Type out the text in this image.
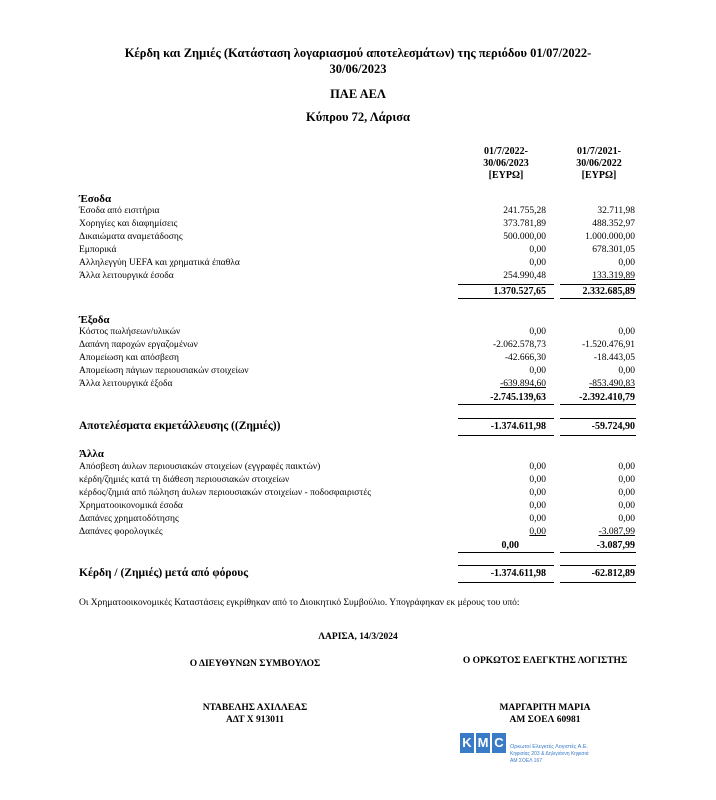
Κέρδη και Ζημιές (Κατάσταση λογαριασμού αποτελεσμάτων) της περιόδου 01/07/2022-
30/06/2023
ΠΑΕ ΑΕΛ
Κύπρου 72, Λάρισα
01/7/2022-
30/06/2023
[ΕΥΡΩ]
01/7/2021-
30/06/2022
[ΕΥΡΩ]
Έσοδα
Έσοδα από εισιτήρια	241.755,28	32.711,98
Χορηγίες και διαφημίσεις	373.781,89	488.352,97
Δικαιώματα αναμετάδοσης	500.000,00	1.000.000,00
Εμπορικά	0,00	678.301,05
Αλληλεγγύη UEFA και χρηματικά έπαθλα	0,00	0,00
Άλλα λειτουργικά έσοδα	254.990,48	133.319,89
1.370.527,65	2.332.685,89
Έξοδα
Κόστος πωλήσεων/υλικών	0,00	0,00
Δαπάνη παροχών εργαζομένων	-2.062.578,73	-1.520.476,91
Απομείωση και απόσβεση	-42.666,30	-18.443,05
Απομείωση πάγιων περιουσιακών στοιχείων	0,00	0,00
Άλλα λειτουργικά έξοδα	-639.894,60	-853.490,83
-2.745.139,63	-2.392.410,79
Αποτελέσματα εκμετάλλευσης ((Ζημιές))	-1.374.611,98	-59.724,90
Άλλα
Απόσβεση άυλων περιουσιακών στοιχείων (εγγραφές παικτών)	0,00	0,00
κέρδη/ζημιές κατά τη διάθεση περιουσιακών στοιχείων	0,00	0,00
κέρδος/ζημιά από πώληση άυλων περιουσιακών στοιχείων - ποδοσφαιριστές	0,00	0,00
Χρηματοοικονομικά έσοδα	0,00	0,00
Δαπάνες χρηματοδότησης	0,00	0,00
Δαπάνες φορολογικές	0,00	-3.087,99
0,00	-3.087,99
Κέρδη / (Ζημιές) μετά από φόρους	-1.374.611,98	-62.812,89
Οι Χρηματοοικονομικές Καταστάσεις εγκρίθηκαν από το Διοικητικό Συμβούλιο. Υπογράφηκαν εκ μέρους του υπό:
ΛΑΡΙΣΑ, 14/3/2024
Ο ΔΙΕΥΘΥΝΩΝ ΣΥΜΒΟΥΛΟΣ	Ο ΟΡΚΩΤΟΣ ΕΛΕΓΚΤΗΣ ΛΟΓΙΣΤΗΣ
ΝΤΑΒΕΛΗΣ ΑΧΙΛΛΕΑΣ
ΑΔΤ Χ 913011
ΜΑΡΓΑΡΙΤΗ ΜΑΡΙΑ
ΑΜ ΣΟΕΛ 60981
K M C	Ορκωτοί Ελεγκτές Λογιστές Α.Ε.
Κηφισίας 203 & Δηλιγιάννη Κηφισιά
ΑΜ ΣΟΕΛ 167
